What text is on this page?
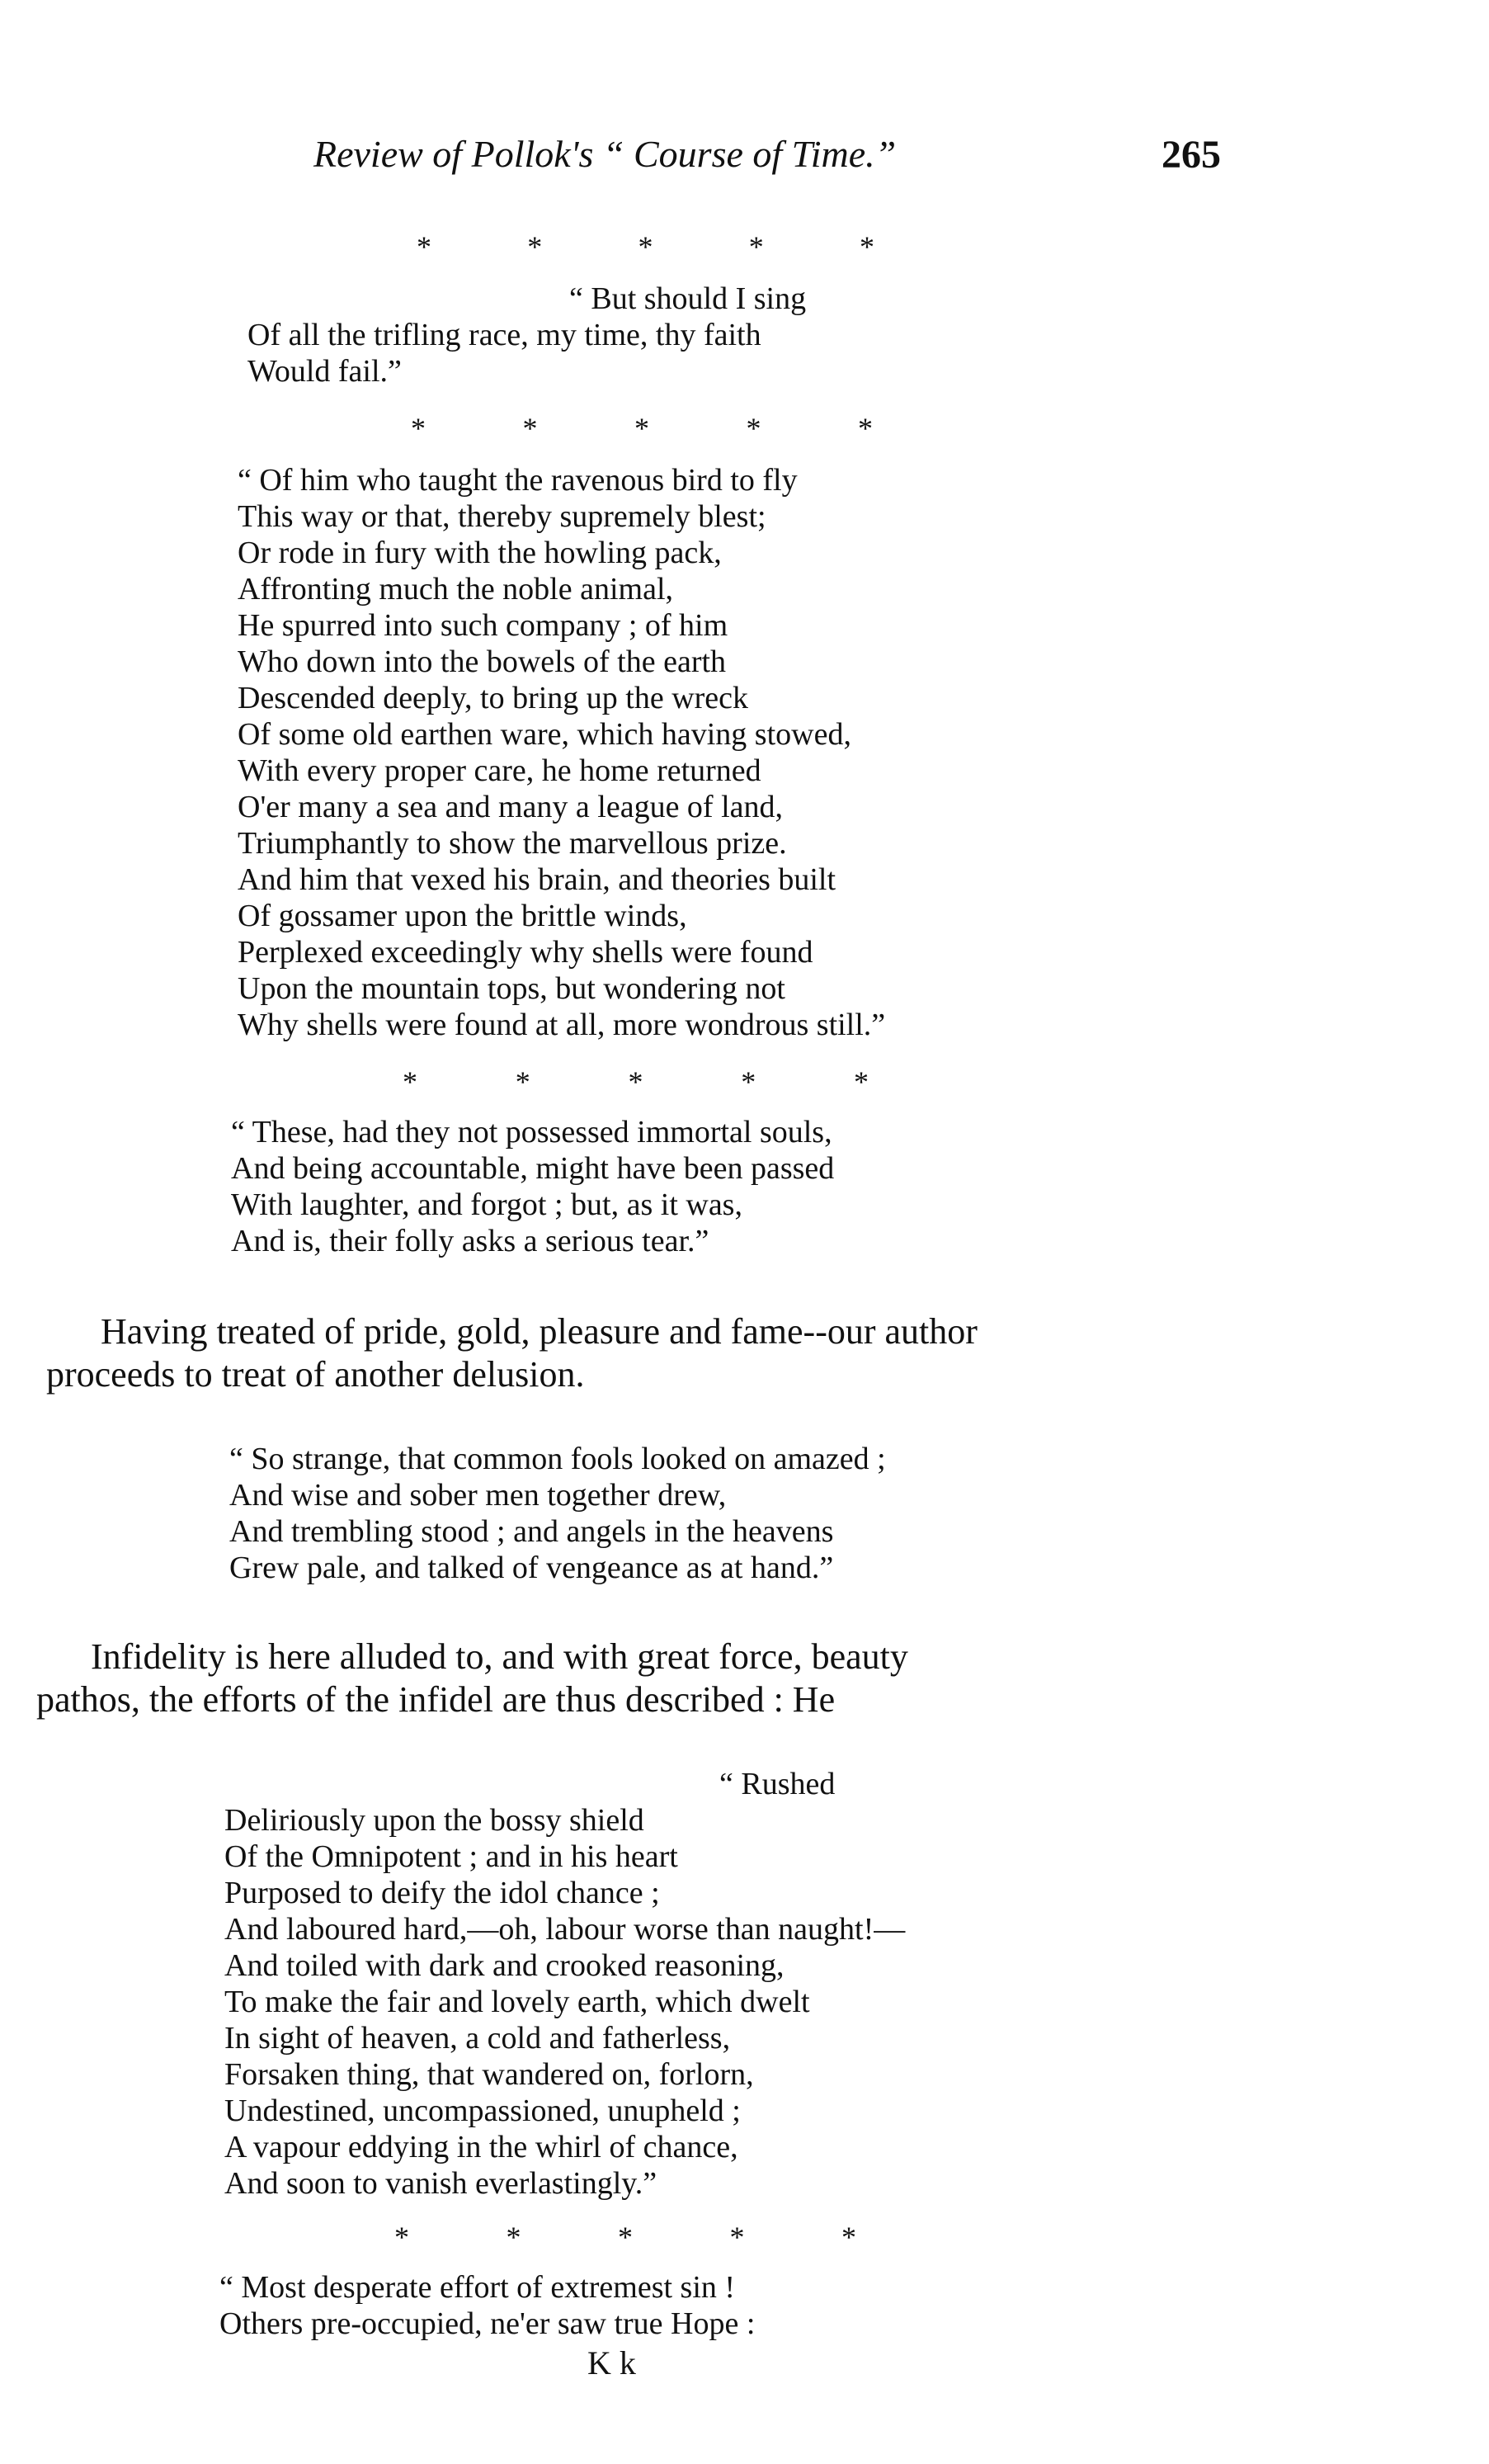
Review of Pollok's “ Course of Time.”	265
*	*	*	*	*
“ But should I sing
Of all the trifling race, my time, thy faith
Would fail.”
*	*	*	*	*
“ Of him who taught the ravenous bird to fly
This way or that, thereby supremely blest;
Or rode in fury with the howling pack,
Affronting much the noble animal,
He spurred into such company ; of him
Who down into the bowels of the earth
Descended deeply, to bring up the wreck
Of some old earthen ware, which having stowed,
With every proper care, he home returned
O'er many a sea and many a league of land,
Triumphantly to show the marvellous prize.
And him that vexed his brain, and theories built
Of gossamer upon the brittle winds,
Perplexed exceedingly why shells were found
Upon the mountain tops, but wondering not
Why shells were found at all, more wondrous still.”
*	*	*	*	*
“ These, had they not possessed immortal souls,
And being accountable, might have been passed
With laughter, and forgot ; but, as it was,
And is, their folly asks a serious tear.”
Having treated of pride, gold, pleasure and fame--our author
proceeds to treat of another delusion.
“ So strange, that common fools looked on amazed ;
And wise and sober men together drew,
And trembling stood ; and angels in the heavens
Grew pale, and talked of vengeance as at hand.”
Infidelity is here alluded to, and with great force, beauty
pathos, the efforts of the infidel are thus described : He
“ Rushed
Deliriously upon the bossy shield
Of the Omnipotent ; and in his heart
Purposed to deify the idol chance ;
And laboured hard,—oh, labour worse than naught!—
And toiled with dark and crooked reasoning,
To make the fair and lovely earth, which dwelt
In sight of heaven, a cold and fatherless,
Forsaken thing, that wandered on, forlorn,
Undestined, uncompassioned, unupheld ;
A vapour eddying in the whirl of chance,
And soon to vanish everlastingly.”
*	*	*	*	*
“ Most desperate effort of extremest sin !
Others pre-occupied, ne'er saw true Hope :
K k
